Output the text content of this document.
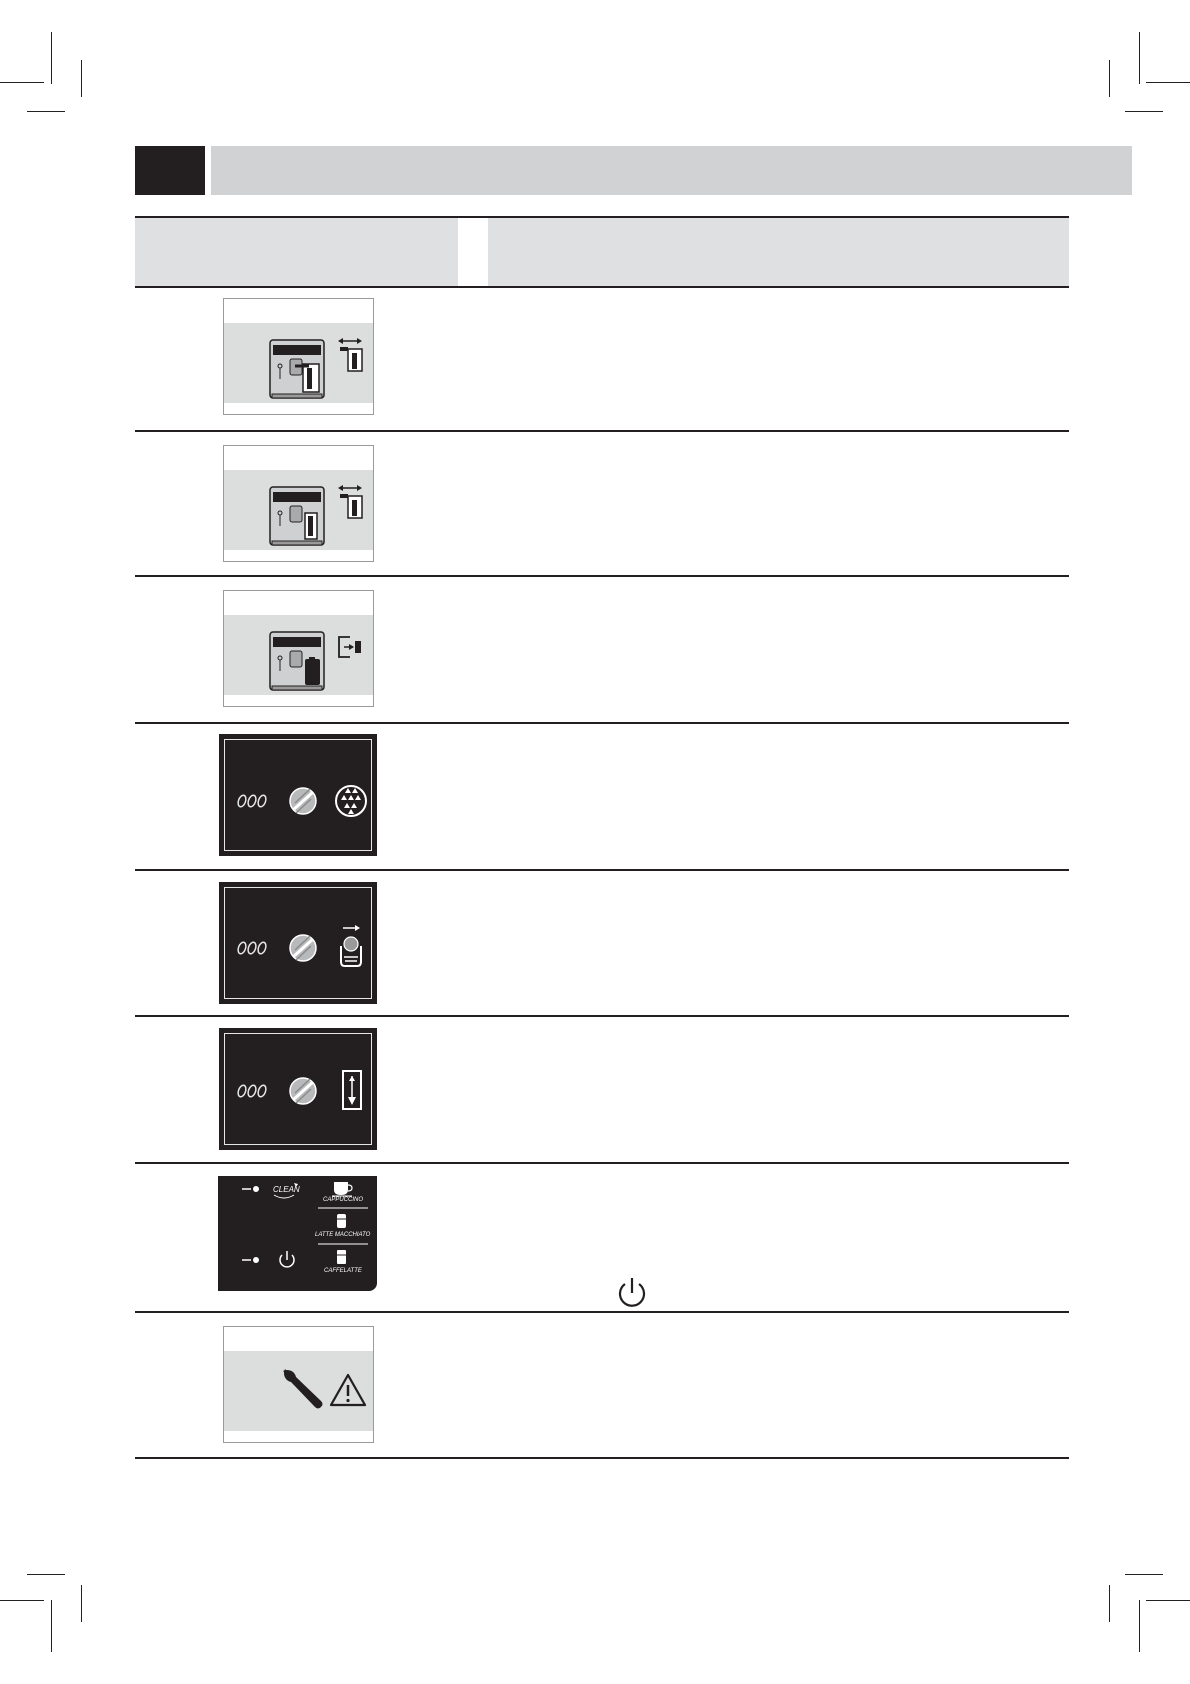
CLEAN
CAPPUCCINO
LATTE MACCHIATO
CAFFELATTE
